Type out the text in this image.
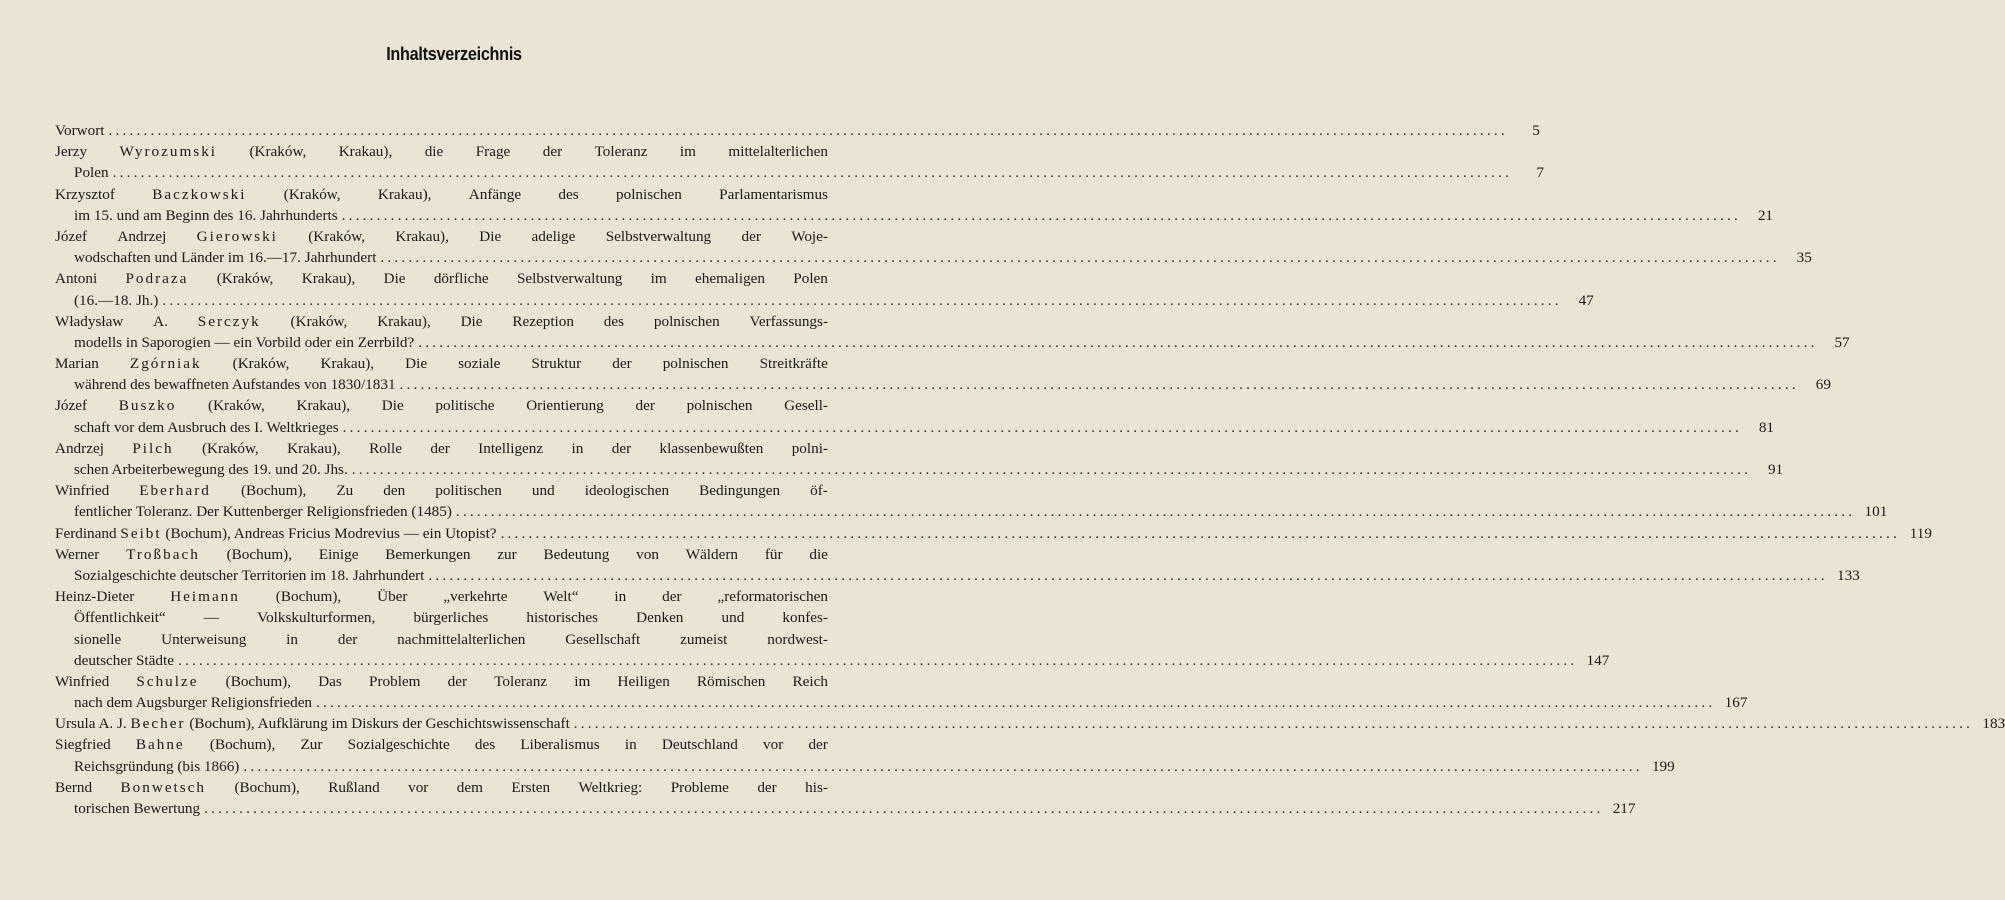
Inhaltsverzeichnis
Vorwort ........................................................................................................................................................................................................	5
Jerzy Wyrozumski (Kraków, Krakau), die Frage der Toleranz im mittelalterlichen
Polen ........................................................................................................................................................................................................	7
Krzysztof Baczkowski (Kraków, Krakau), Anfänge des polnischen Parlamentarismus
im 15. und am Beginn des 16. Jahrhunderts ........................................................................................................................................................................................................	21
Józef Andrzej Gierowski (Kraków, Krakau), Die adelige Selbstverwaltung der Woje-
wodschaften und Länder im 16.—17. Jahrhundert ........................................................................................................................................................................................................	35
Antoni Podraza (Kraków, Krakau), Die dörfliche Selbstverwaltung im ehemaligen Polen
(16.—18. Jh.) ........................................................................................................................................................................................................	47
Władysław A. Serczyk (Kraków, Krakau), Die Rezeption des polnischen Verfassungs-
modells in Saporogien — ein Vorbild oder ein Zerrbild? ........................................................................................................................................................................................................	57
Marian Zgórniak (Kraków, Krakau), Die soziale Struktur der polnischen Streitkräfte
während des bewaffneten Aufstandes von 1830/1831 ........................................................................................................................................................................................................	69
Józef Buszko (Kraków, Krakau), Die politische Orientierung der polnischen Gesell-
schaft vor dem Ausbruch des I. Weltkrieges ........................................................................................................................................................................................................	81
Andrzej Pilch (Kraków, Krakau), Rolle der Intelligenz in der klassenbewußten polni-
schen Arbeiterbewegung des 19. und 20. Jhs. ........................................................................................................................................................................................................	91
Winfried Eberhard (Bochum), Zu den politischen und ideologischen Bedingungen öf-
fentlicher Toleranz. Der Kuttenberger Religionsfrieden (1485) ........................................................................................................................................................................................................ 101
Ferdinand Seibt (Bochum), Andreas Fricius Modrevius — ein Utopist? ........................................................................................................................................................................................................ 119
Werner Troßbach (Bochum), Einige Bemerkungen zur Bedeutung von Wäldern für die
Sozialgeschichte deutscher Territorien im 18. Jahrhundert ........................................................................................................................................................................................................ 133
Heinz-Dieter Heimann (Bochum), Über „verkehrte Welt“ in der „reformatorischen
Öffentlichkeit“	—	Volkskulturformen,	bürgerliches	historisches	Denken	und	konfes-
sionelle	Unterweisung	in	der	nachmittelalterlichen	Gesellschaft	zumeist	nordwest-
deutscher Städte ........................................................................................................................................................................................................ 147
Winfried Schulze (Bochum), Das Problem der Toleranz im Heiligen Römischen Reich
nach dem Augsburger Religionsfrieden ........................................................................................................................................................................................................ 167
Ursula A. J. Becher (Bochum), Aufklärung im Diskurs der Geschichtswissenschaft ........................................................................................................................................................................................................ 183
Siegfried Bahne (Bochum), Zur Sozialgeschichte des Liberalismus in Deutschland vor der
Reichsgründung (bis 1866) ........................................................................................................................................................................................................ 199
Bernd Bonwetsch (Bochum), Rußland vor dem Ersten Weltkrieg: Probleme der his-
torischen Bewertung ........................................................................................................................................................................................................ 217
